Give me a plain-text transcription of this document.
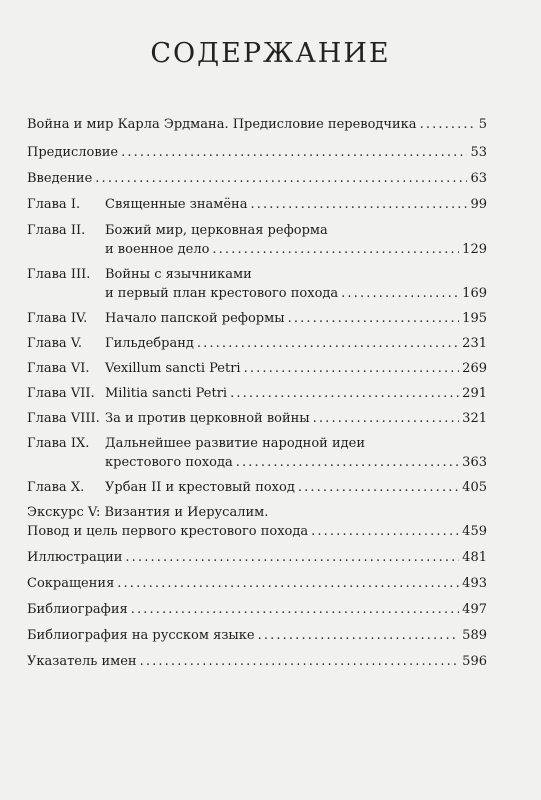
СОДЕРЖАНИЕ
Война и мир Карла Эрдмана. Предисловие переводчика . . .	5
Предисловие . . .	53
Введение . . .	63
Глава I.	Священные знамёна . . .	99
Глава II.	Божий мир, церковная реформа
и военное дело . . .	129
Глава III.	Войны с язычниками
и первый план крестового похода . . .	169
Глава IV.	Начало папской реформы . . .	195
Глава V.	Гильдебранд . . .	231
Глава VI.	Vexillum sancti Petri . . .	269
Глава VII. Militia sancti Petri . . .	291
Глава VIII. За и против церковной войны . . .	321
Глава IX.	Дальнейшее развитие народной идеи
крестового похода . . .	363
Глава X.	Урбан II и крестовый поход . . .	405
Экскурс V: Византия и Иерусалим.
Повод и цель первого крестового похода . . .	459
Иллюстрации . . .	481
Сокращения . . .	493
Библиография . . .	497
Библиография на русском языке . . .	589
Указатель имен . . .	596
